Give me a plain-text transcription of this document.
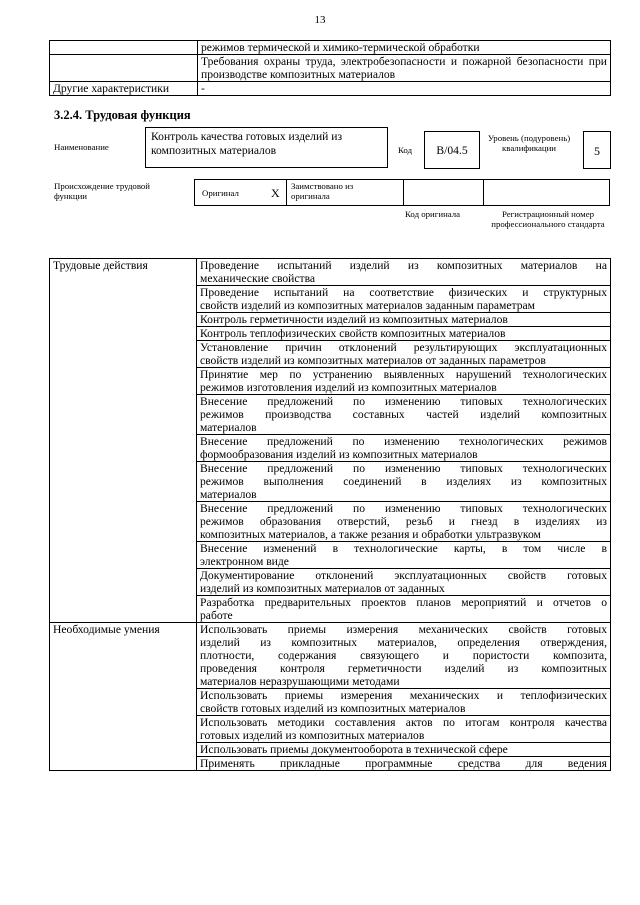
13
	режимов термической и химико-термической обработки
	Требования охраны труда, электробезопасности и пожарной безопасности при производстве композитных материалов
Другие характеристики	-
3.2.4. Трудовая функция
Наименование
Контроль качества готовых изделий из композитных материалов	Код	B/04.5
Уровень (подуровень) квалификации	5
Происхождение трудовой функции	Оригинал	X Заимствовано из оригинала
Код оригинала	Регистрационный номер профессионального стандарта
Трудовые действия	Проведение испытаний изделий из композитных материалов на
механические свойства

	Проведение испытаний на соответствие физических и структурных
свойств изделий из композитных материалов заданным параметрам

	Контроль герметичности изделий из композитных материалов

	Контроль теплофизических свойств композитных материалов

	Установление причин отклонений результирующих эксплуатационных
свойств изделий из композитных материалов от заданных параметров

	Принятие мер по устранению выявленных нарушений технологических
режимов изготовления изделий из композитных материалов

	Внесение предложений по изменению типовых технологических
режимов производства составных частей изделий композитных
материалов

	Внесение предложений по изменению технологических режимов
формообразования изделий из композитных материалов

	Внесение предложений по изменению типовых технологических
режимов выполнения соединений в изделиях из композитных
материалов

	Внесение предложений по изменению типовых технологических
режимов образования отверстий, резьб и гнезд в изделиях из
композитных материалов, а также резания и обработки ультразвуком

	Внесение изменений в технологические карты, в том числе в
электронном виде

	Документирование отклонений эксплуатационных свойств готовых
изделий из композитных материалов от заданных

	Разработка предварительных проектов планов мероприятий и отчетов о
работе

Необходимые умения	Использовать приемы измерения механических свойств готовых
изделий из композитных материалов, определения отверждения,
плотности, содержания связующего и пористости композита,
проведения контроля герметичности изделий из композитных
материалов неразрушающими методами

	Использовать приемы измерения механических и теплофизических
свойств готовых изделий из композитных материалов

	Использовать методики составления актов по итогам контроля качества
готовых изделий из композитных материалов

	Использовать приемы документооборота в технической сфере

	Применять прикладные программные средства для ведения
